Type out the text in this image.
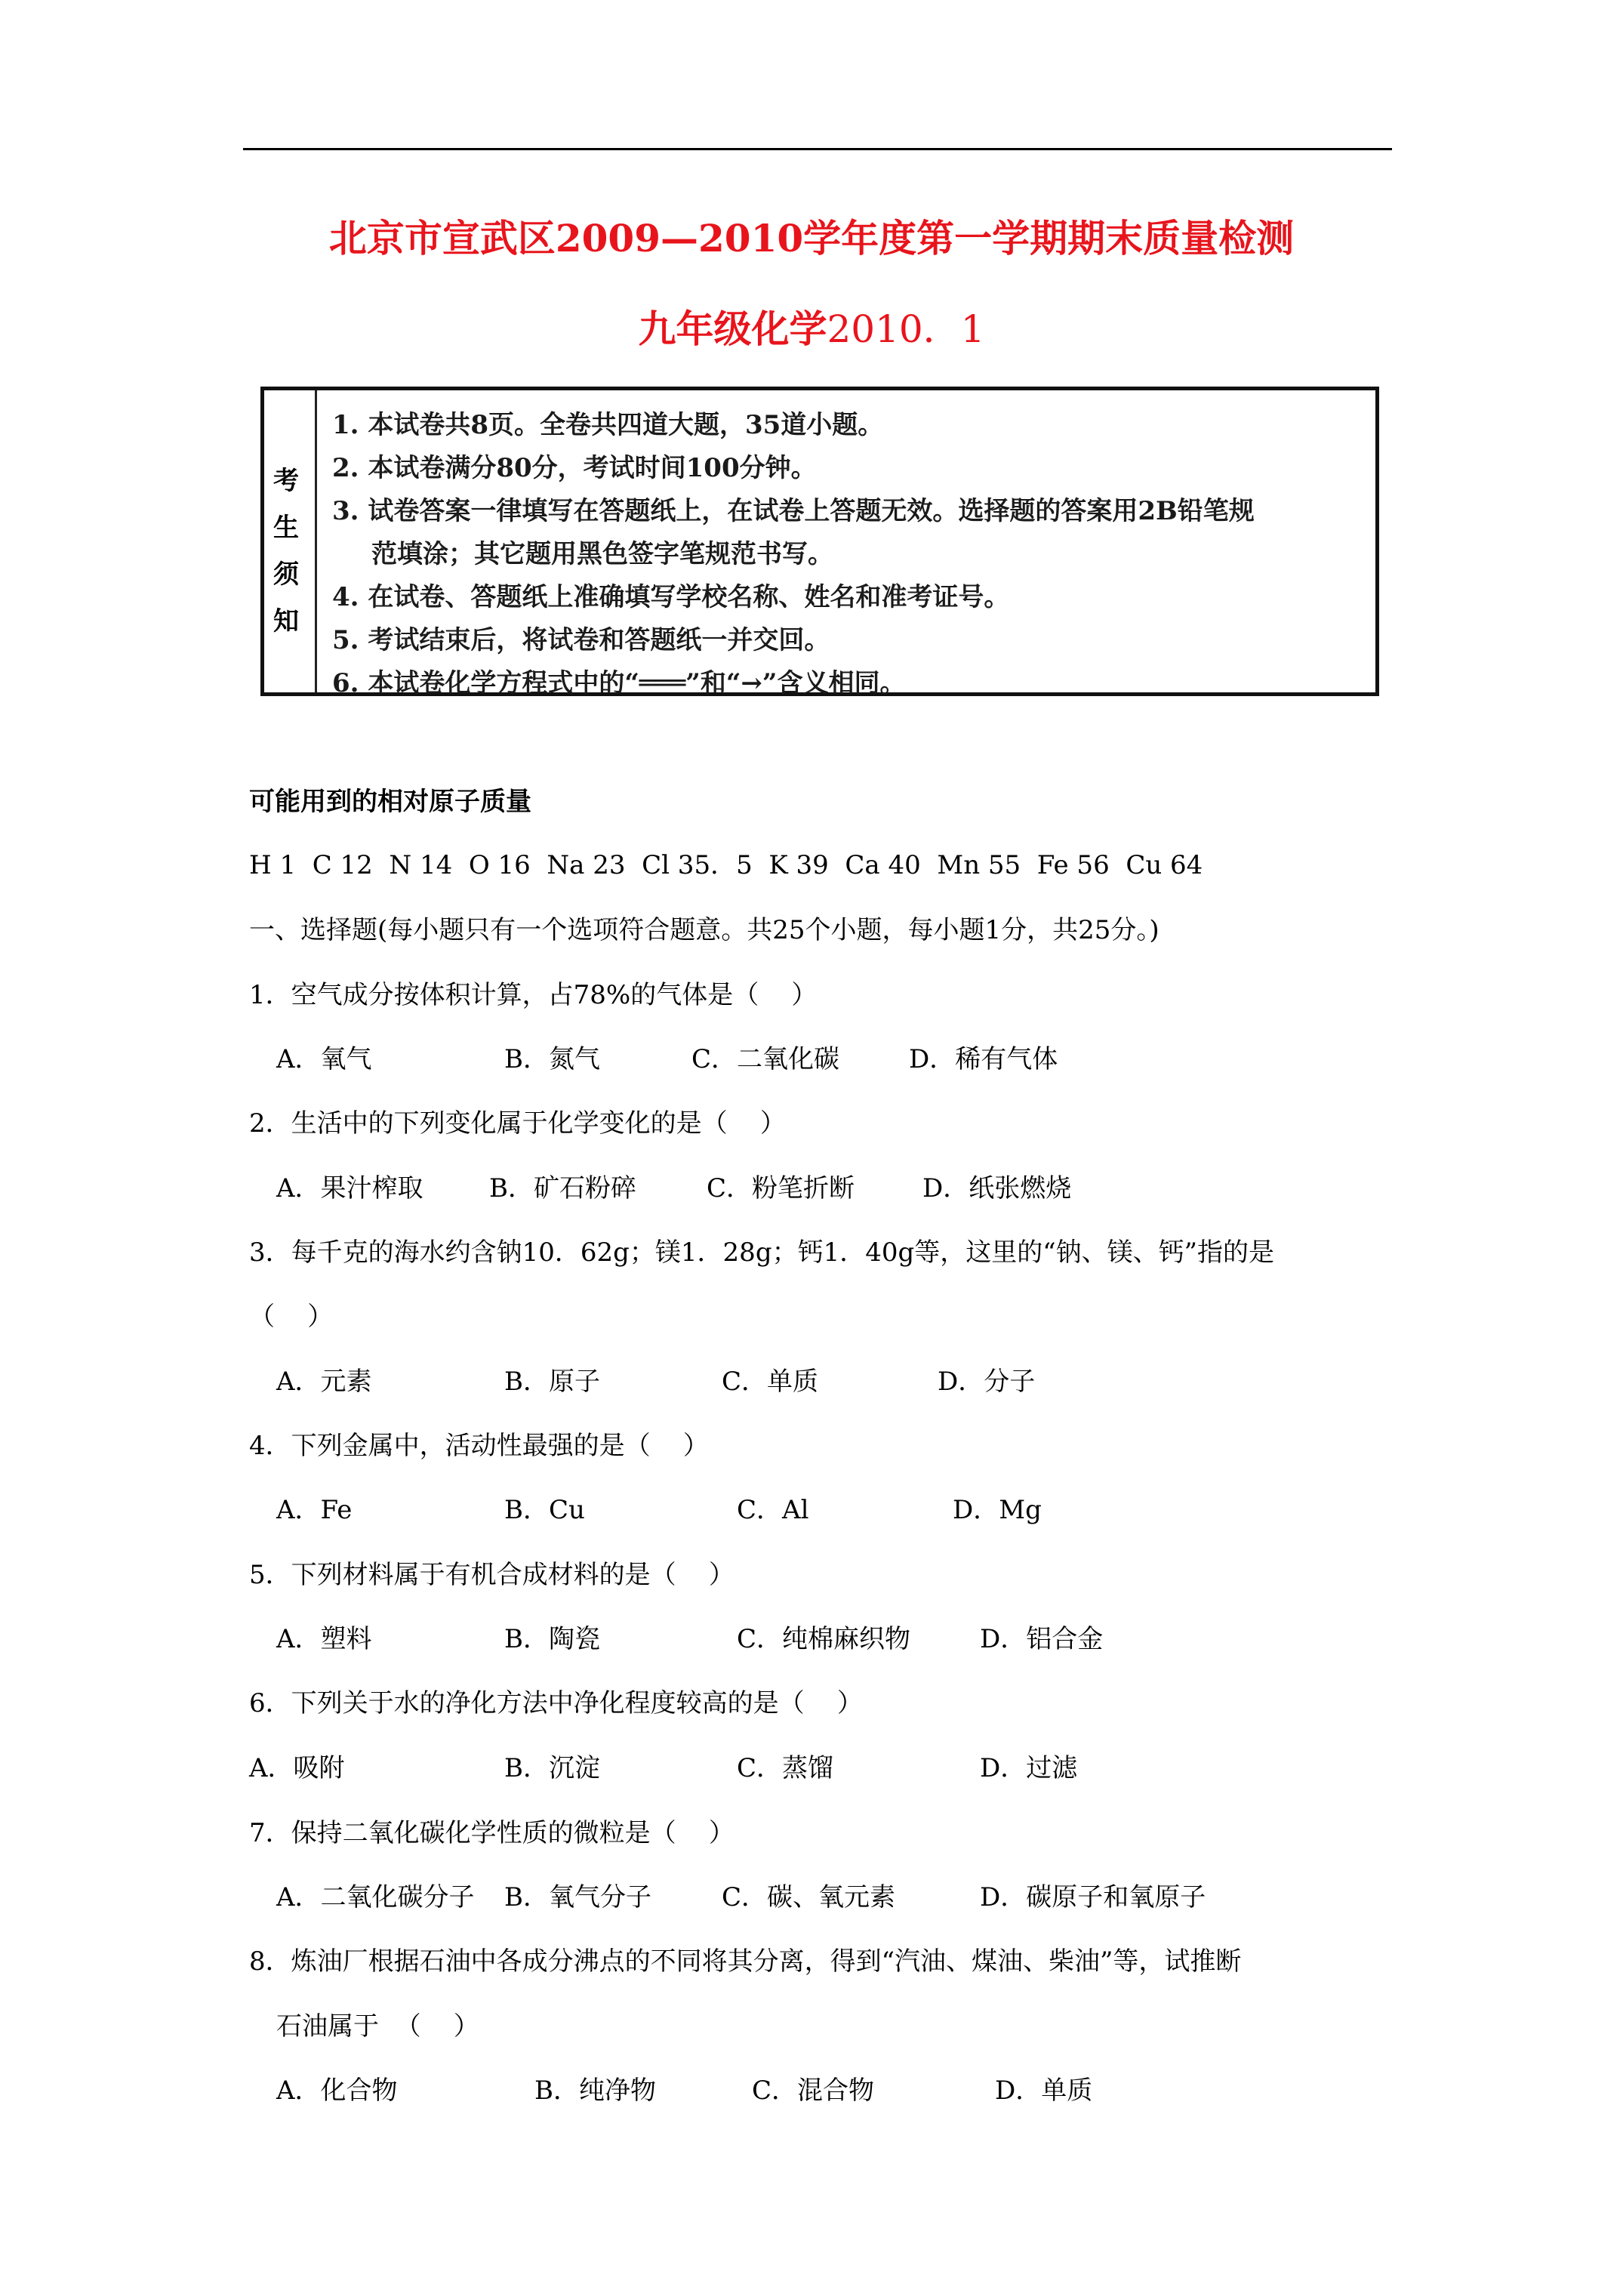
北京市宣武区2009—2010学年度第一学期期末质量检测
九年级化学2010．1
考
生
须
知
1. 本试卷共8页。全卷共四道大题，35道小题。
2. 本试卷满分80分，考试时间100分钟。
3. 试卷答案一律填写在答题纸上，在试卷上答题无效。选择题的答案用2B铅笔规
范填涂；其它题用黑色签字笔规范书写。
4. 在试卷、答题纸上准确填写学校名称、姓名和准考证号。
5. 考试结束后，将试卷和答题纸一并交回。
6. 本试卷化学方程式中的“═══”和“→”含义相同。
可能用到的相对原子质量
H 1  C 12  N 14  O 16  Na 23  Cl 35．5  K 39  Ca 40  Mn 55  Fe 56  Cu 64
一、选择题(每小题只有一个选项符合题意。共25个小题，每小题1分，共25分。)
1．空气成分按体积计算，占78%的气体是（    ）

A．氧气

	B．氮气

	C．二氧化碳

	D．稀有气体

2．生活中的下列变化属于化学变化的是（    ）

A．果汁榨取

	B．矿石粉碎

	C．粉笔折断

	D．纸张燃烧

3．每千克的海水约含钠10．62g；镁1．28g；钙1．40g等，这里的“钠、镁、钙”指的是
（    ）

A．元素

	B．原子

	C．单质

	D．分子

4．下列金属中，活动性最强的是（    ）

A．Fe

	B．Cu

	C．Al

	D．Mg

5．下列材料属于有机合成材料的是（    ）

A．塑料

	B．陶瓷

	C．纯棉麻织物

	D．铝合金

6．下列关于水的净化方法中净化程度较高的是（    ）

A．吸附

	B．沉淀

	C．蒸馏

	D．过滤

7．保持二氧化碳化学性质的微粒是（    ）

A．二氧化碳分子

B．氧气分子

	C．碳、氧元素

	D．碳原子和氧原子

8．炼油厂根据石油中各成分沸点的不同将其分离，得到“汽油、煤油、柴油”等，试推断
石油属于  （    ）

A．化合物

	B．纯净物

	C．混合物

	D．单质
